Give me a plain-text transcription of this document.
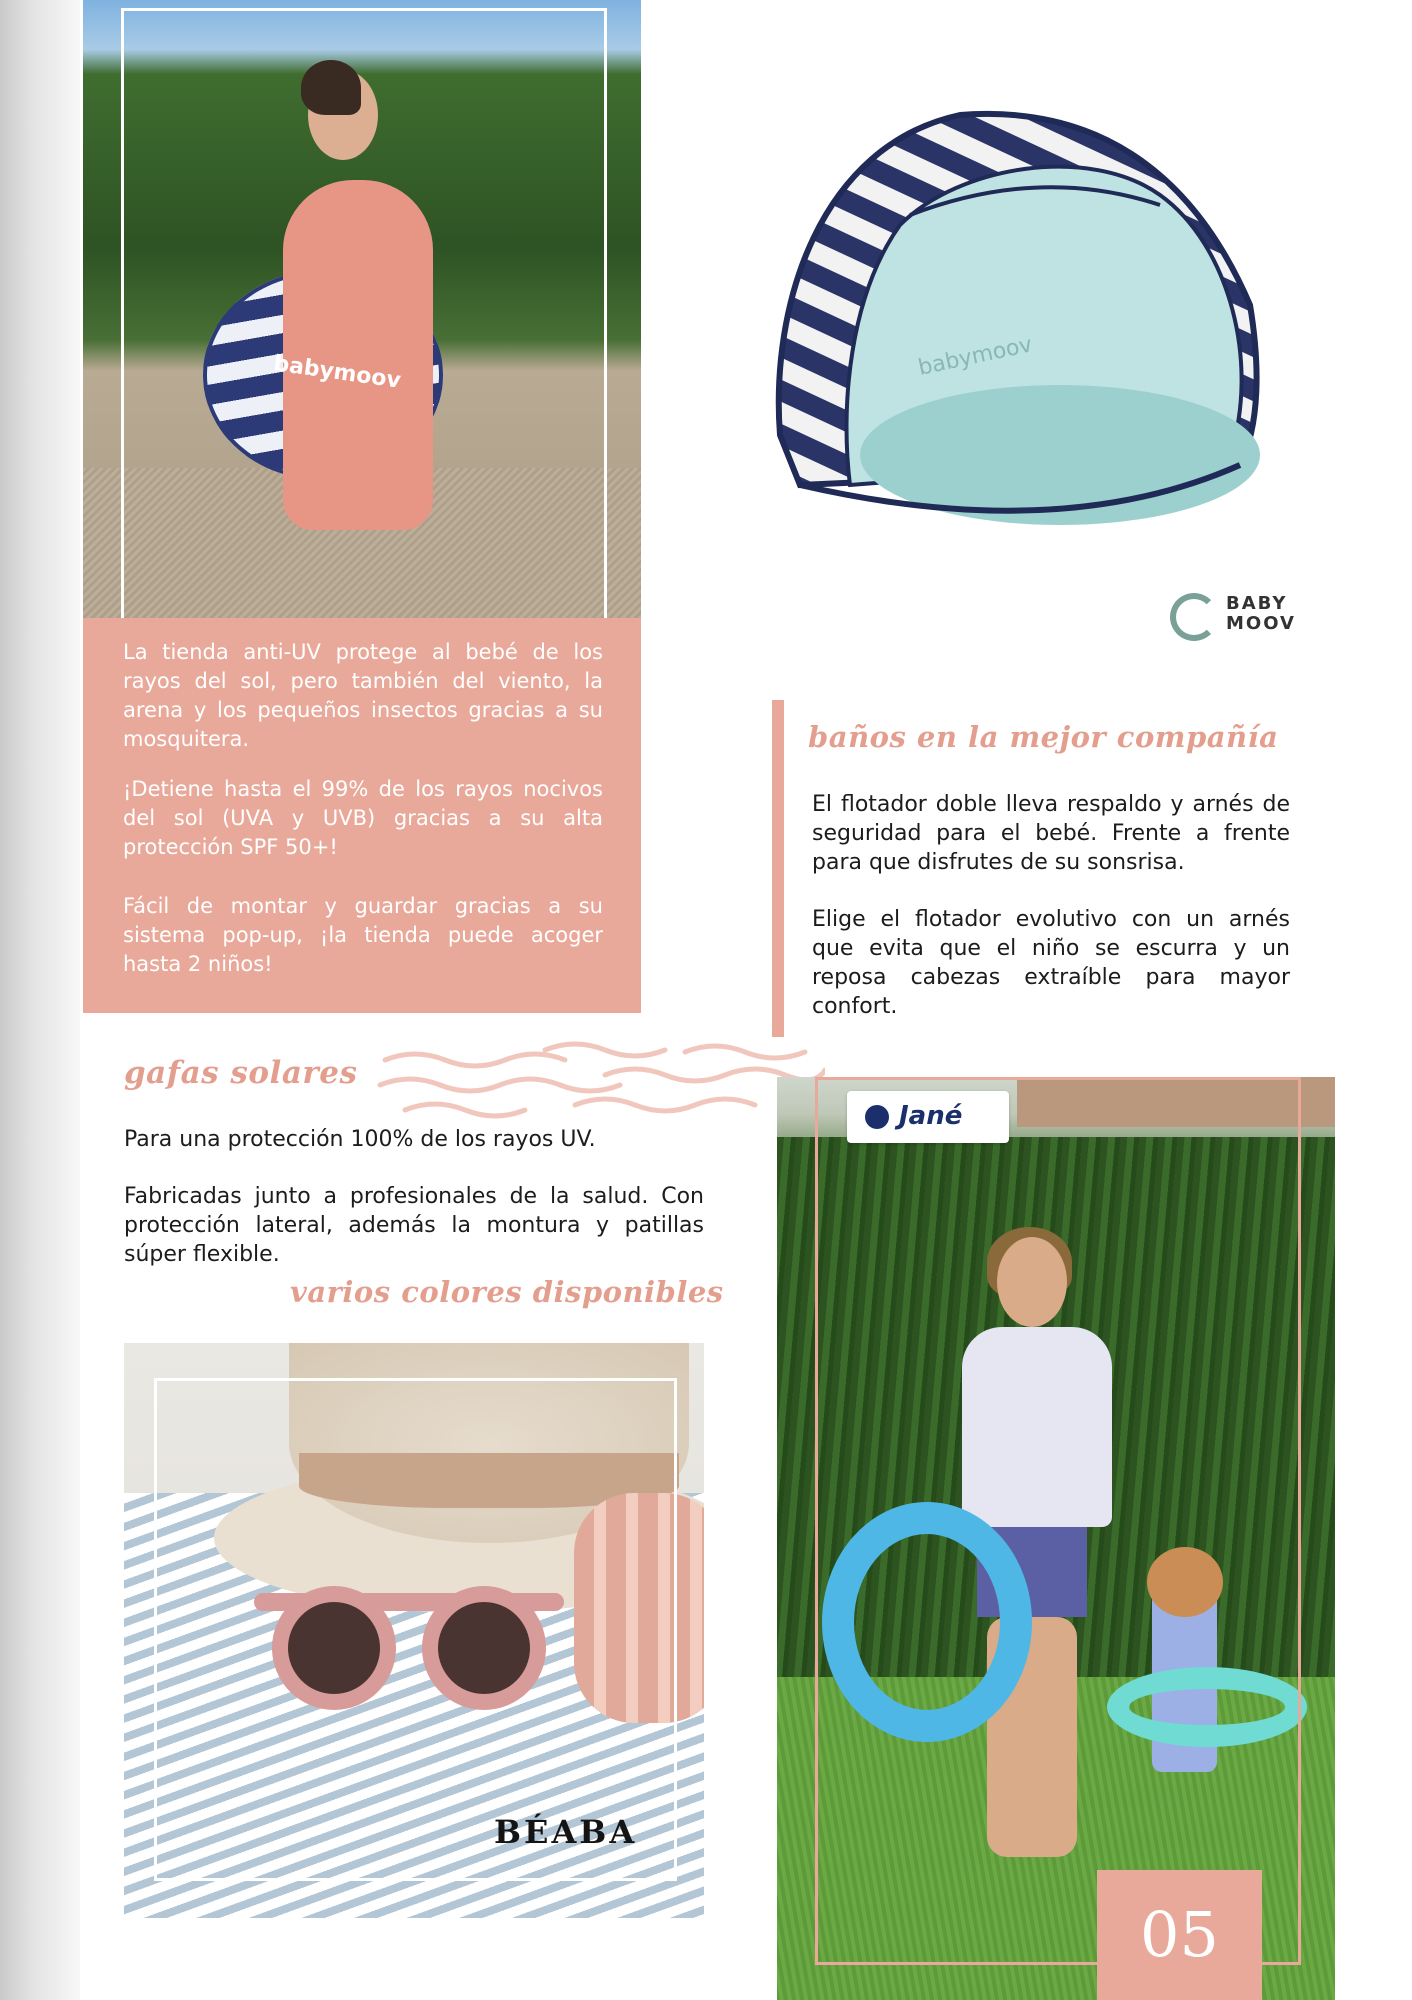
babymoov

La tienda anti-UV protege al bebé de los rayos del sol, pero también del viento, la arena y los pequeños insectos gracias a su mosquitera.

¡Detiene hasta el 99% de los rayos nocivos del sol (UVA y UVB) gracias a su alta protección SPF 50+!

Fácil de montar y guardar gracias a su sistema pop-up, ¡la tienda puede acoger hasta 2 niños!

babymoov
BABY
MOOV
baños en la mejor compañía

El flotador doble lleva respaldo y arnés de seguridad para el bebé. Frente a frente para que disfrutes de su sonsrisa.

Elige el flotador evolutivo con un arnés que evita que el niño se escurra y un reposa cabezas extraíble para mayor confort.

gafas solares

Para una protección 100% de los rayos UV.

Fabricadas junto a profesionales de la salud. Con protección lateral, además la montura y patillas súper flexible.

varios colores disponibles
BÉABA
Jané
05
